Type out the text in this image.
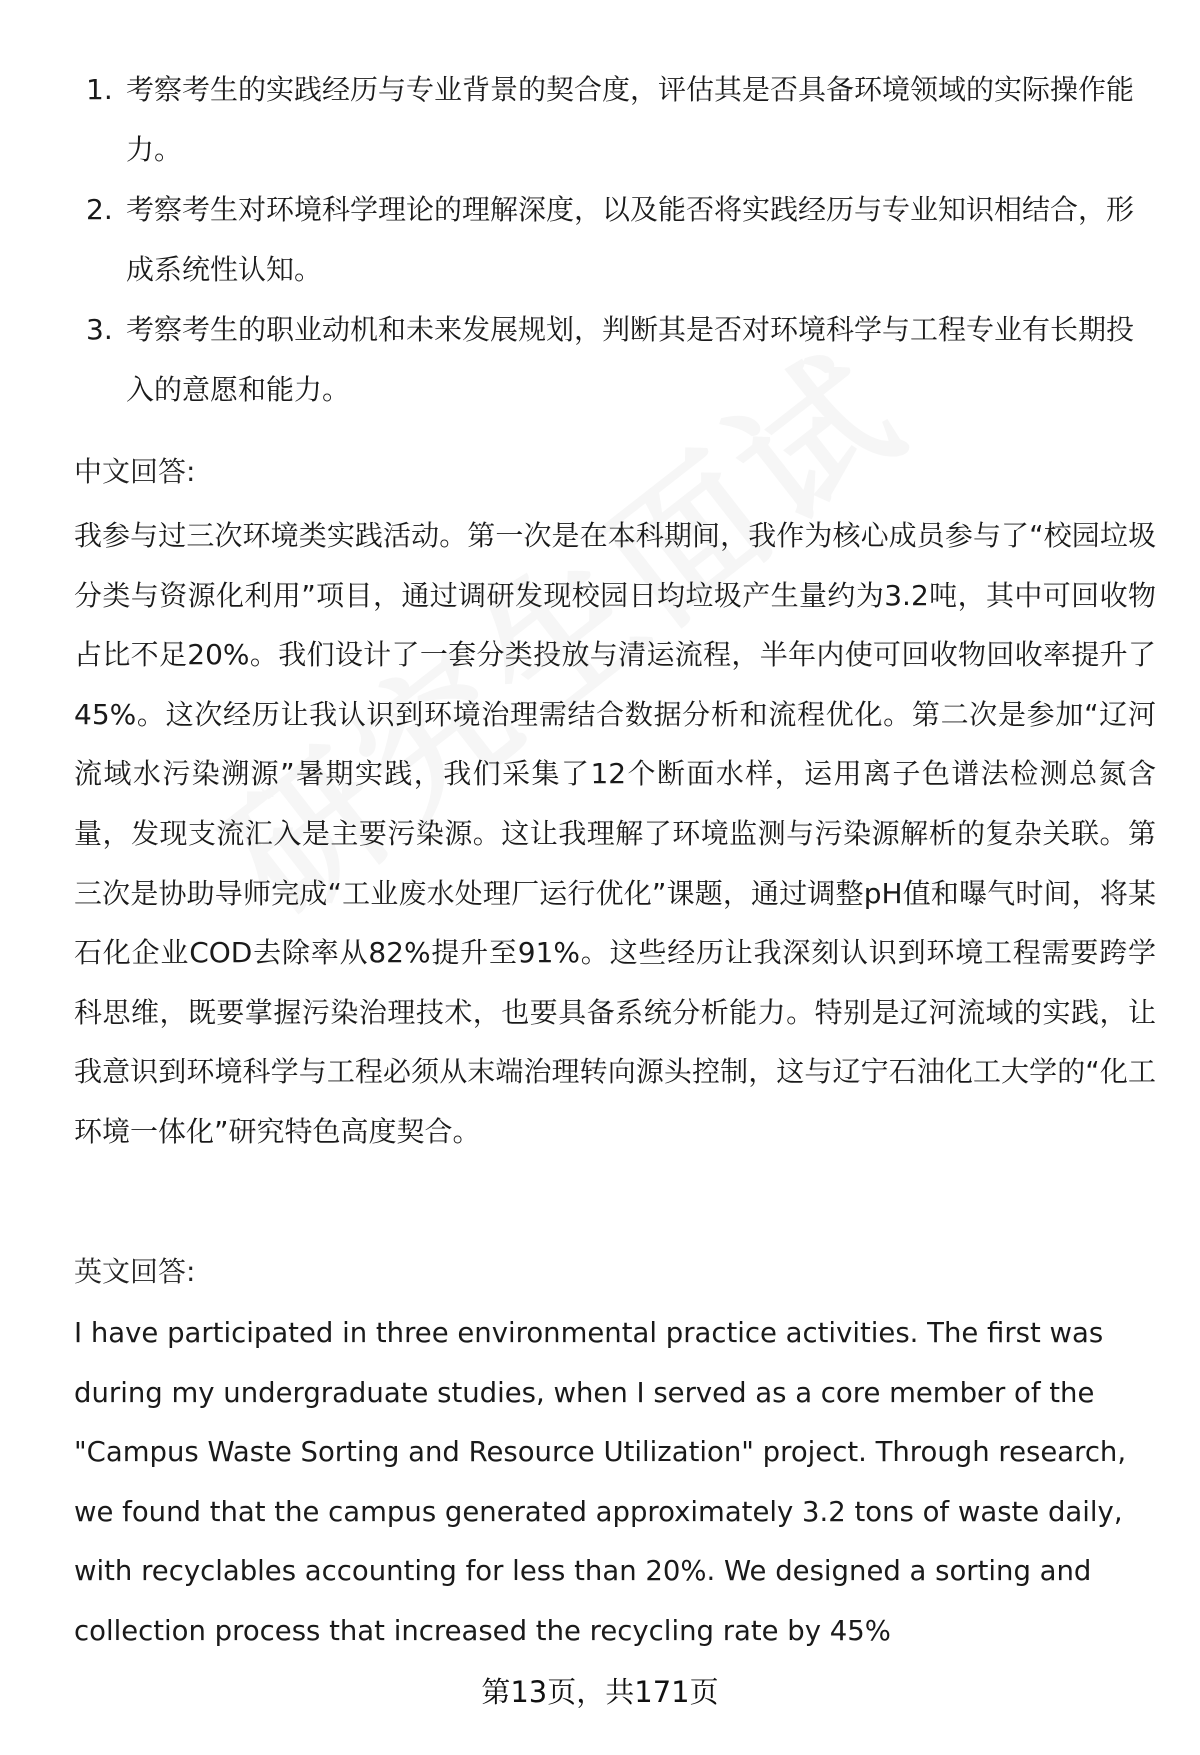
1. 考察考生的实践经历与专业背景的契合度，评估其是否具备环境领域的实际操作能力。
2. 考察考生对环境科学理论的理解深度，以及能否将实践经历与专业知识相结合，形成系统性认知。
3. 考察考生的职业动机和未来发展规划，判断其是否对环境科学与工程专业有长期投入的意愿和能力。
中文回答:

我参与过三次环境类实践活动。第一次是在本科期间，我作为核心成员参与了“校园垃圾分类与资源化利用”项目，通过调研发现校园日均垃圾产生量约为3.2吨，其中可回收物占比不足20%。我们设计了一套分类投放与清运流程，半年内使可回收物回收率提升了45%。这次经历让我认识到环境治理需结合数据分析和流程优化。第二次是参加“辽河流域水污染溯源”暑期实践，我们采集了12个断面水样，运用离子色谱法检测总氮含量，发现支流汇入是主要污染源。这让我理解了环境监测与污染源解析的复杂关联。第三次是协助导师完成“工业废水处理厂运行优化”课题，通过调整pH值和曝气时间，将某石化企业COD去除率从82%提升至91%。这些经历让我深刻认识到环境工程需要跨学科思维，既要掌握污染治理技术，也要具备系统分析能力。特别是辽河流域的实践，让我意识到环境科学与工程必须从末端治理转向源头控制，这与辽宁石油化工大学的“化工环境一体化”研究特色高度契合。

英文回答:

I have participated in three environmental practice activities. The first was during my undergraduate studies, when I served as a core member of the "Campus Waste Sorting and Resource Utilization" project. Through research, we found that the campus generated approximately 3.2 tons of waste daily, with recyclables accounting for less than 20%. We designed a sorting and collection process that increased the recycling rate by 45%

第13页，共171页
